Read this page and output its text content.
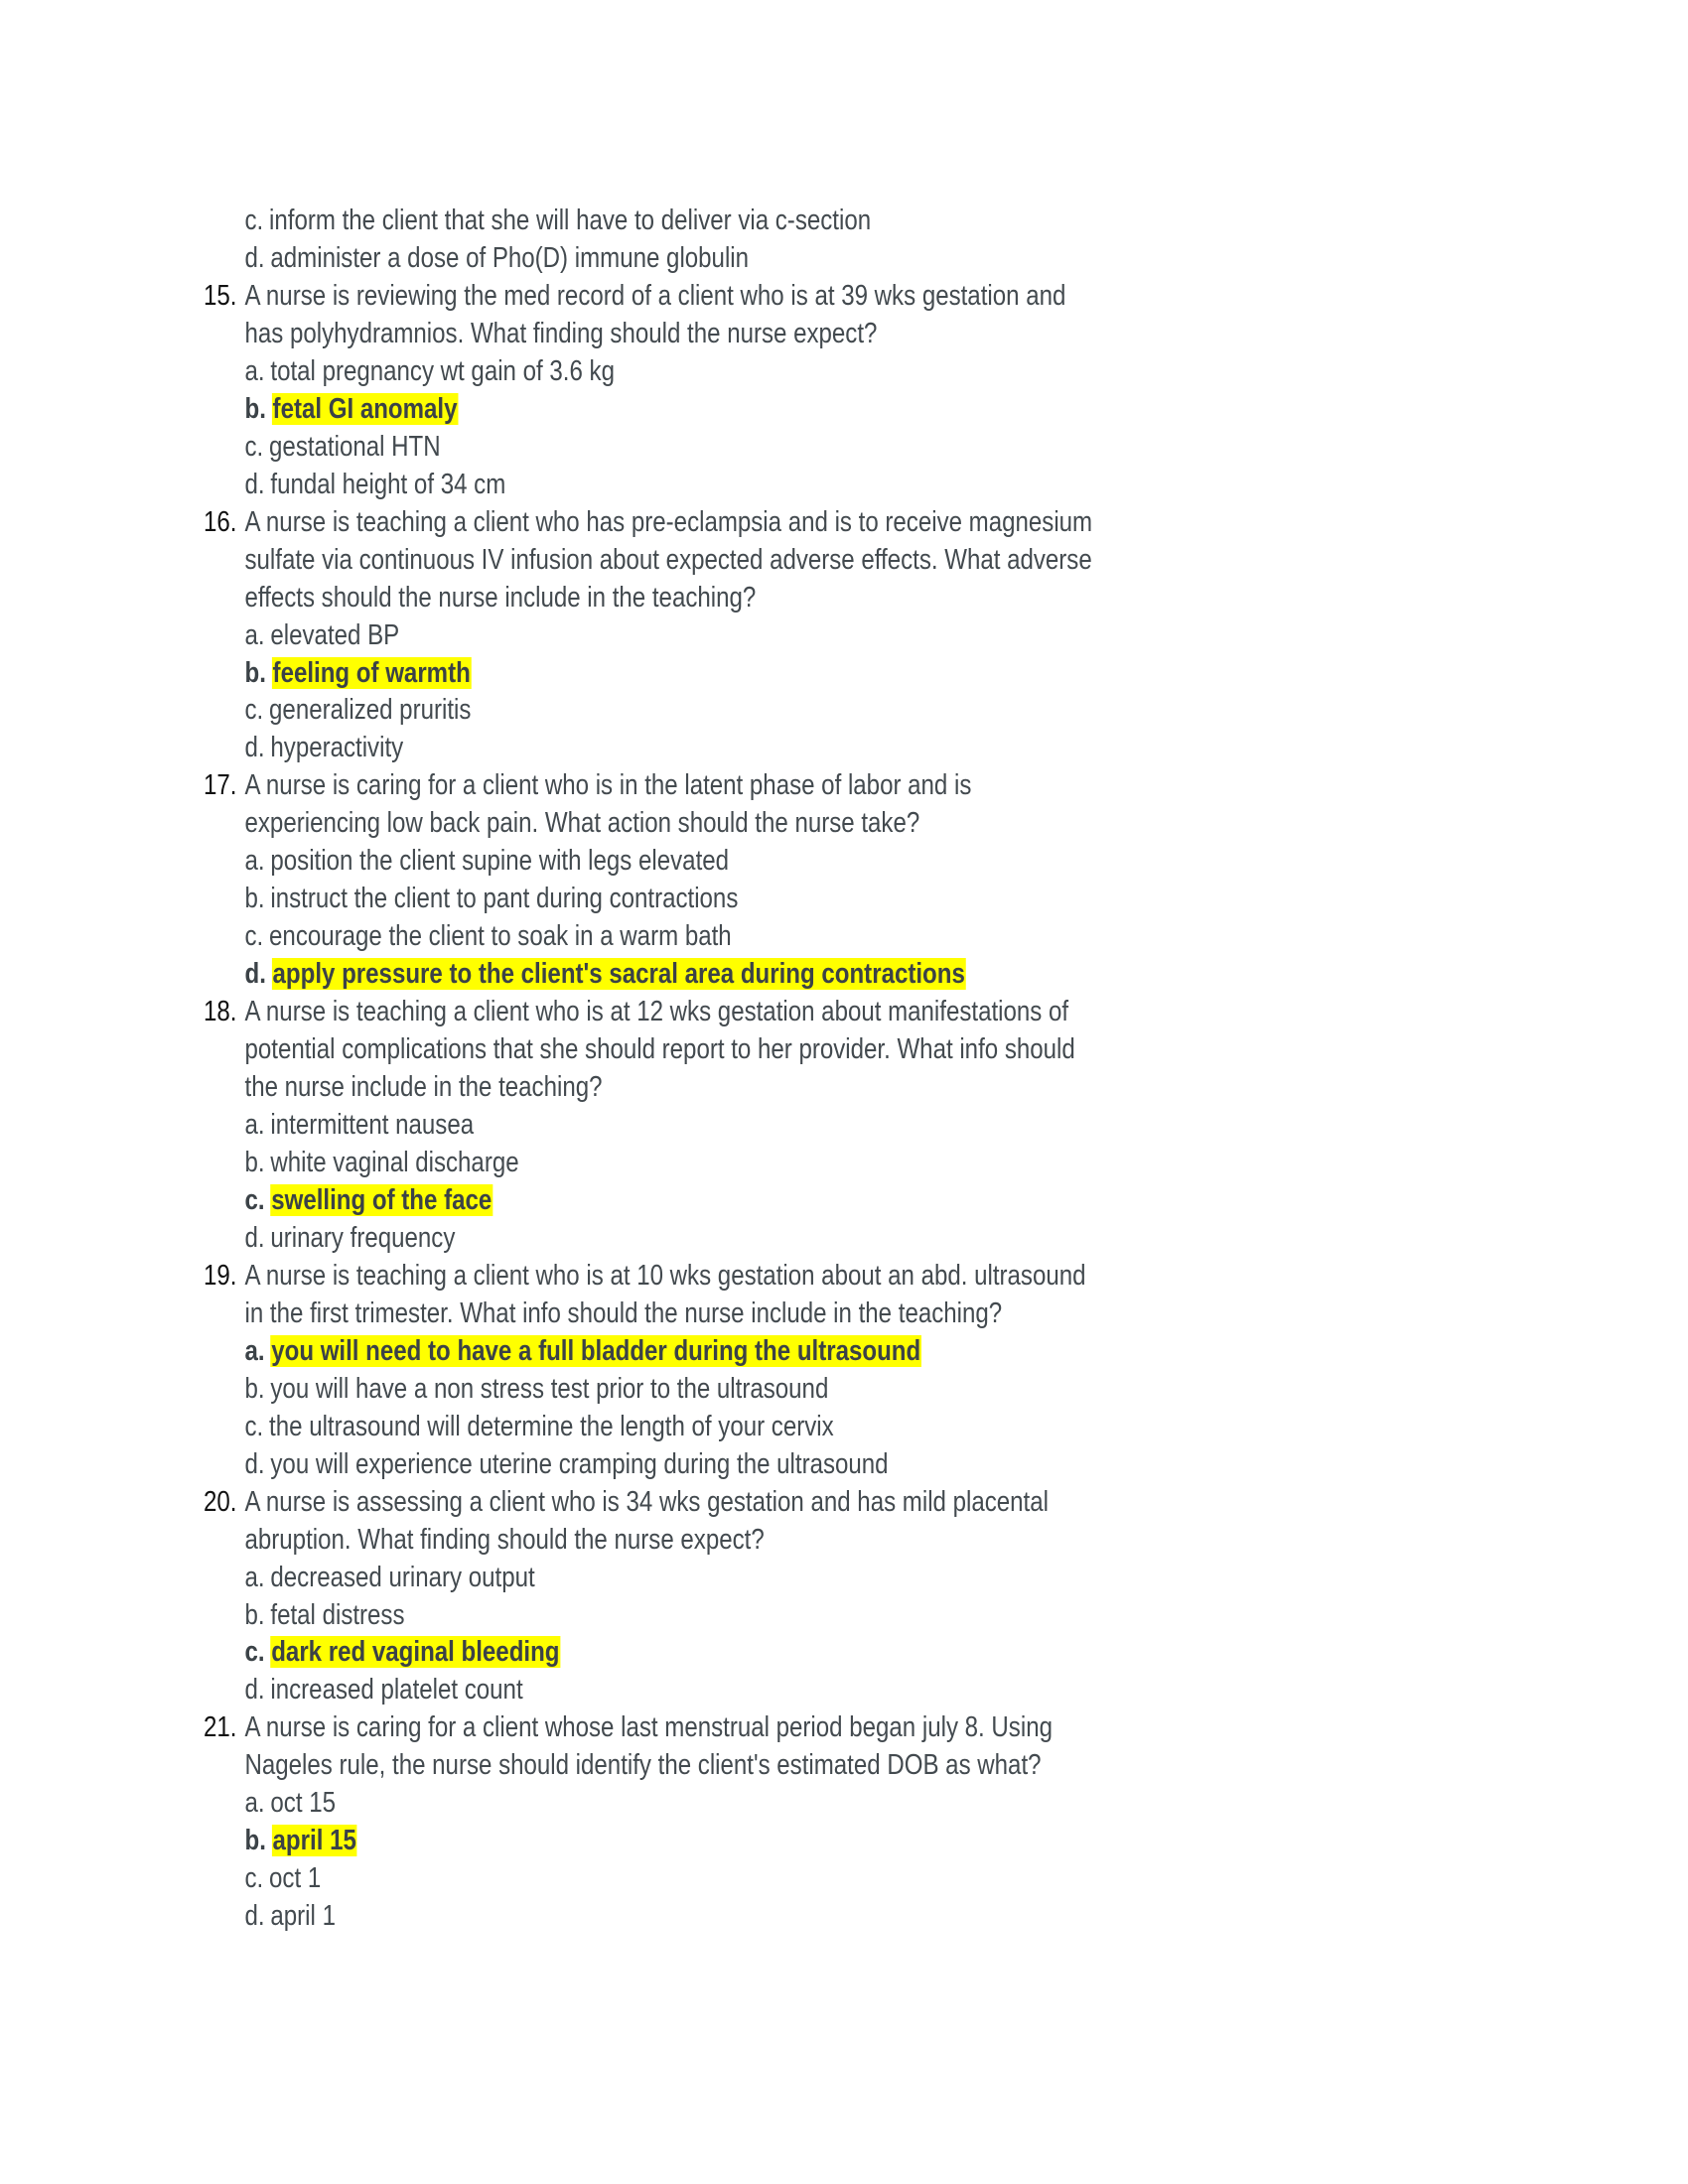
c. inform the client that she will have to deliver via c-section
d. administer a dose of Pho(D) immune globulin
15. A nurse is reviewing the med record of a client who is at 39 wks gestation and
has polyhydramnios. What finding should the nurse expect?
a. total pregnancy wt gain of 3.6 kg
b. fetal GI anomaly
c. gestational HTN
d. fundal height of 34 cm
16. A nurse is teaching a client who has pre-eclampsia and is to receive magnesium
sulfate via continuous IV infusion about expected adverse effects. What adverse
effects should the nurse include in the teaching?
a. elevated BP
b. feeling of warmth
c. generalized pruritis
d. hyperactivity
17. A nurse is caring for a client who is in the latent phase of labor and is
experiencing low back pain. What action should the nurse take?
a. position the client supine with legs elevated
b. instruct the client to pant during contractions
c. encourage the client to soak in a warm bath
d. apply pressure to the client's sacral area during contractions
18. A nurse is teaching a client who is at 12 wks gestation about manifestations of
potential complications that she should report to her provider. What info should
the nurse include in the teaching?
a. intermittent nausea
b. white vaginal discharge
c. swelling of the face
d. urinary frequency
19. A nurse is teaching a client who is at 10 wks gestation about an abd. ultrasound
in the first trimester. What info should the nurse include in the teaching?
a. you will need to have a full bladder during the ultrasound
b. you will have a non stress test prior to the ultrasound
c. the ultrasound will determine the length of your cervix
d. you will experience uterine cramping during the ultrasound
20. A nurse is assessing a client who is 34 wks gestation and has mild placental
abruption. What finding should the nurse expect?
a. decreased urinary output
b. fetal distress
c. dark red vaginal bleeding
d. increased platelet count
21. A nurse is caring for a client whose last menstrual period began july 8. Using
Nageles rule, the nurse should identify the client's estimated DOB as what?
a. oct 15
b. april 15
c. oct 1
d. april 1
